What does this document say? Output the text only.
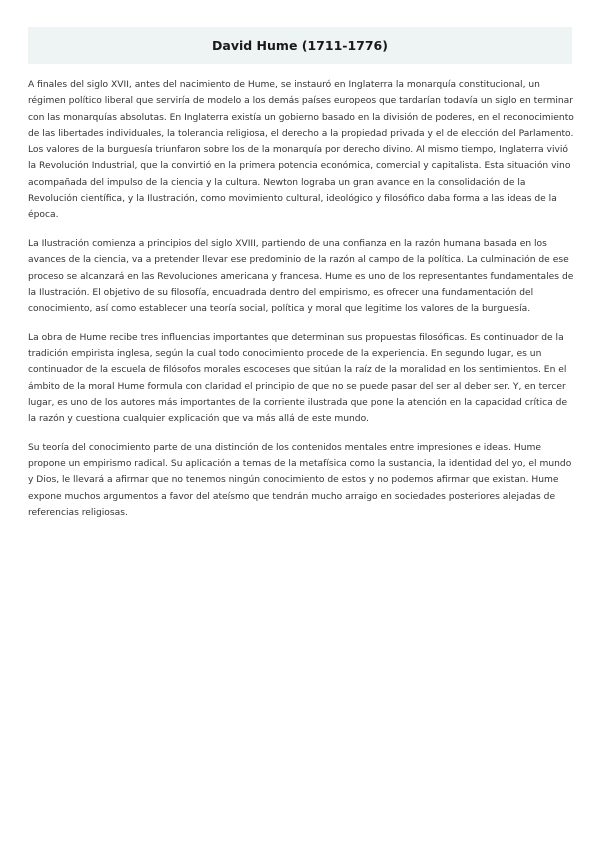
David Hume (1711-1776)

A finales del siglo XVII, antes del nacimiento de Hume, se instauró en Inglaterra la monarquía constitucional, un régimen político liberal que serviría de modelo a los demás países europeos que tardarían todavía un siglo en terminar con las monarquías absolutas. En Inglaterra existía un gobierno basado en la división de poderes, en el reconocimiento de las libertades individuales, la tolerancia religiosa, el derecho a la propiedad privada y el de elección del Parlamento. Los valores de la burguesía triunfaron sobre los de la monarquía por derecho divino. Al mismo tiempo, Inglaterra vivió la Revolución Industrial, que la convirtió en la primera potencia económica, comercial y capitalista. Esta situación vino acompañada del impulso de la ciencia y la cultura. Newton lograba un gran avance en la consolidación de la Revolución científica, y la Ilustración, como movimiento cultural, ideológico y filosófico daba forma a las ideas de la época.

La Ilustración comienza a principios del siglo XVIII, partiendo de una confianza en la razón humana basada en los avances de la ciencia, va a pretender llevar ese predominio de la razón al campo de la política. La culminación de ese proceso se alcanzará en las Revoluciones americana y francesa. Hume es uno de los representantes fundamentales de la Ilustración. El objetivo de su filosofía, encuadrada dentro del empirismo, es ofrecer una fundamentación del conocimiento, así como establecer una teoría social, política y moral que legitime los valores de la burguesía.

La obra de Hume recibe tres influencias importantes que determinan sus propuestas filosóficas. Es continuador de la tradición empirista inglesa, según la cual todo conocimiento procede de la experiencia. En segundo lugar, es un continuador de la escuela de filósofos morales escoceses que sitúan la raíz de la moralidad en los sentimientos. En el ámbito de la moral Hume formula con claridad el principio de que no se puede pasar del ser al deber ser. Y, en tercer lugar, es uno de los autores más importantes de la corriente ilustrada que pone la atención en la capacidad crítica de la razón y cuestiona cualquier explicación que va más allá de este mundo.

Su teoría del conocimiento parte de una distinción de los contenidos mentales entre impresiones e ideas. Hume propone un empirismo radical. Su aplicación a temas de la metafísica como la sustancia, la identidad del yo, el mundo y Dios, le llevará a afirmar que no tenemos ningún conocimiento de estos y no podemos afirmar que existan. Hume expone muchos argumentos a favor del ateísmo que tendrán mucho arraigo en sociedades posteriores alejadas de referencias religiosas.
